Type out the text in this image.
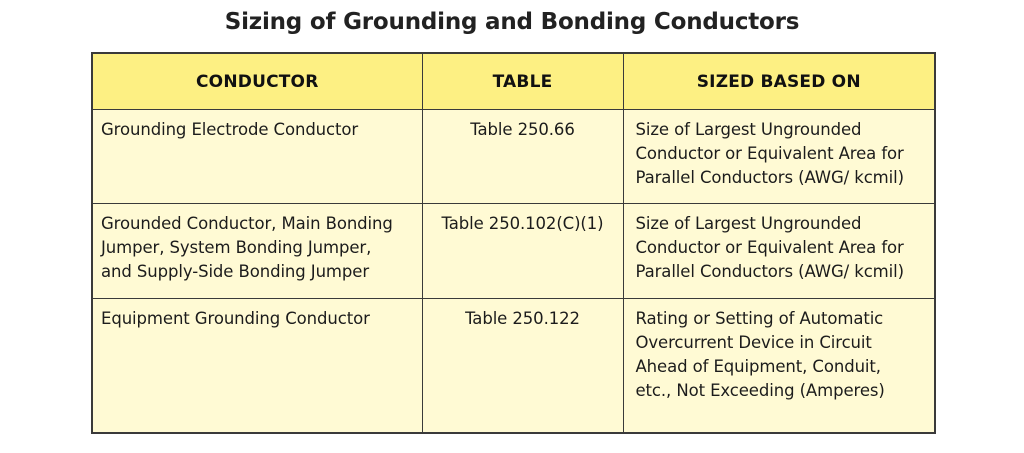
Sizing of Grounding and Bonding Conductors
CONDUCTOR	TABLE	SIZED BASED ON

Grounding Electrode Conductor	Table 250.66	Size of Largest Ungrounded
Conductor or Equivalent Area for
Parallel Conductors (AWG/ kcmil)

Grounded Conductor, Main Bonding
Jumper, System Bonding Jumper,
and Supply-Side Bonding Jumper	Table 250.102(C)(1)	Size of Largest Ungrounded
Conductor or Equivalent Area for
Parallel Conductors (AWG/ kcmil)

Equipment Grounding Conductor	Table 250.122	Rating or Setting of Automatic
Overcurrent Device in Circuit
Ahead of Equipment, Conduit,
etc., Not Exceeding (Amperes)
